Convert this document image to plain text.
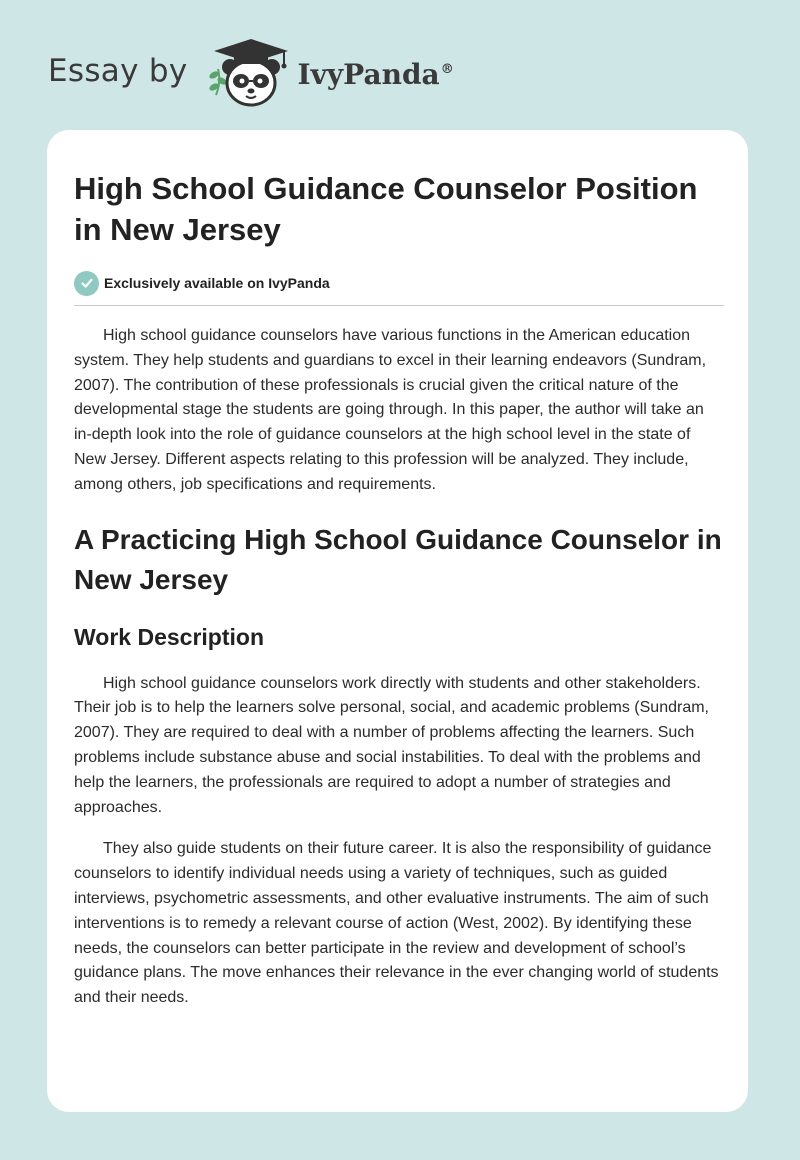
Essay by	IvyPanda®
High School Guidance Counselor Position in New Jersey
Exclusively available on IvyPanda

High school guidance counselors have various functions in the American education system. They help students and guardians to excel in their learning endeavors (Sundram, 2007). The contribution of these professionals is crucial given the critical nature of the developmental stage the students are going through. In this paper, the author will take an in-depth look into the role of guidance counselors at the high school level in the state of New Jersey. Different aspects relating to this profession will be analyzed. They include, among others, job specifications and requirements.

A Practicing High School Guidance Counselor in New Jersey
Work Description

High school guidance counselors work directly with students and other stakeholders. Their job is to help the learners solve personal, social, and academic problems (Sundram, 2007). They are required to deal with a number of problems affecting the learners. Such problems include substance abuse and social instabilities. To deal with the problems and help the learners, the professionals are required to adopt a number of strategies and approaches.

They also guide students on their future career. It is also the responsibility of guidance counselors to identify individual needs using a variety of techniques, such as guided interviews, psychometric assessments, and other evaluative instruments. The aim of such interventions is to remedy a relevant course of action (West, 2002). By identifying these needs, the counselors can better participate in the review and development of school’s guidance plans. The move enhances their relevance in the ever changing world of students and their needs.
